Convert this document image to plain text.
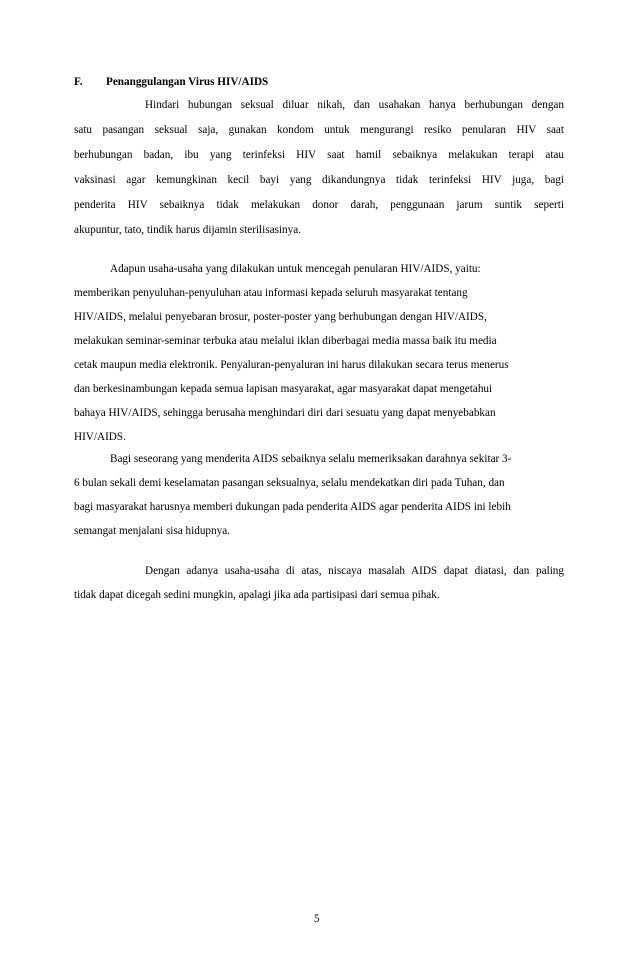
F. Penanggulangan Virus HIV/AIDS
Hindari hubungan seksual diluar nikah, dan usahakan hanya berhubungan dengan
satu pasangan seksual saja, gunakan kondom untuk mengurangi resiko penularan HIV saat
berhubungan badan, ibu yang terinfeksi HIV saat hamil sebaiknya melakukan terapi atau
vaksinasi agar kemungkinan kecil bayi yang dikandungnya tidak terinfeksi HIV juga, bagi
penderita HIV sebaiknya tidak melakukan donor darah, penggunaan jarum suntik seperti
akupuntur, tato, tindik harus dijamin sterilisasinya.
Adapun usaha-usaha yang dilakukan untuk mencegah penularan HIV/AIDS, yaitu:
memberikan penyuluhan-penyuluhan atau informasi kepada seluruh masyarakat tentang
HIV/AIDS, melalui penyebaran brosur, poster-poster yang berhubungan dengan HIV/AIDS,
melakukan seminar-seminar terbuka atau melalui iklan diberbagai media massa baik itu media
cetak maupun media elektronik. Penyaluran-penyaluran ini harus dilakukan secara terus menerus
dan berkesinambungan kepada semua lapisan masyarakat, agar masyarakat dapat mengetahui
bahaya HIV/AIDS, sehingga berusaha menghindari diri dari sesuatu yang dapat menyebabkan
HIV/AIDS.
Bagi seseorang yang menderita AIDS sebaiknya selalu memeriksakan darahnya sekitar 3-
6 bulan sekali demi keselamatan pasangan seksualnya, selalu mendekatkan diri pada Tuhan, dan
bagi masyarakat harusnya memberi dukungan pada penderita AIDS agar penderita AIDS ini lebih
semangat menjalani sisa hidupnya.
Dengan adanya usaha-usaha di atas, niscaya masalah AIDS dapat diatasi, dan paling
tidak dapat dicegah sedini mungkin, apalagi jika ada partisipasi dari semua pihak.
5
